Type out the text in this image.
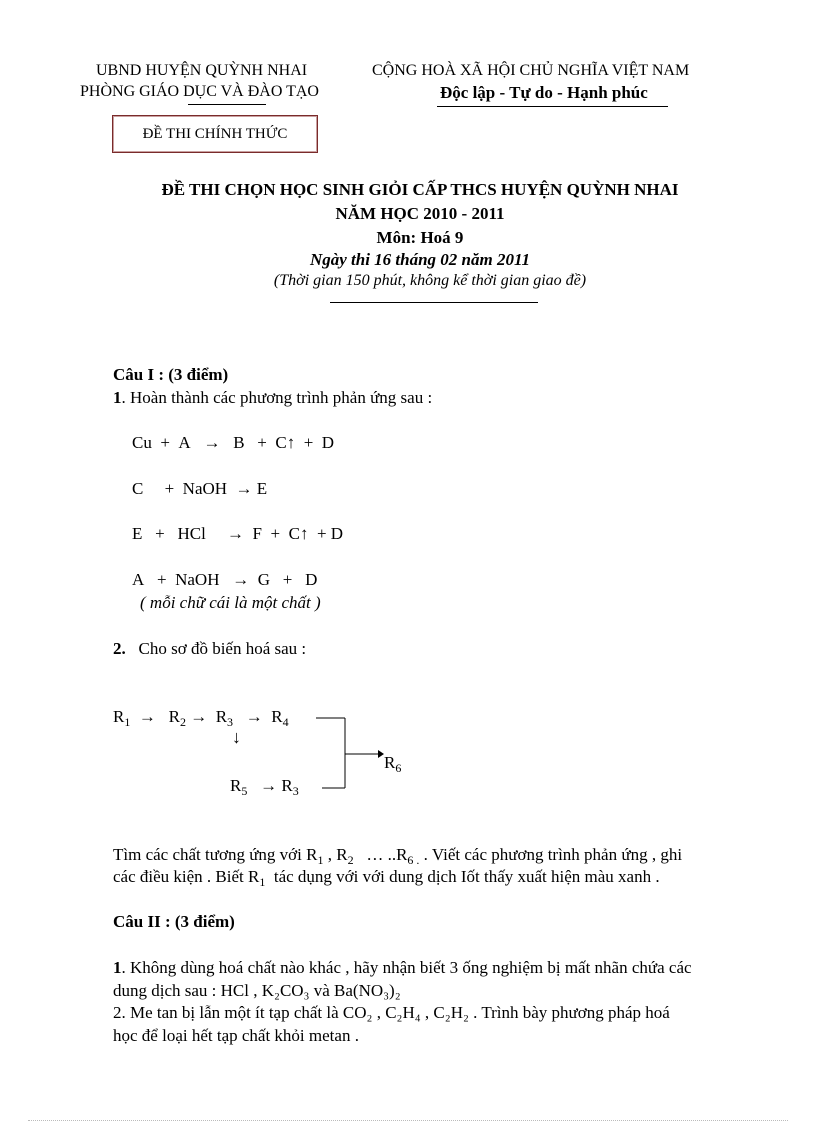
UBND HUYỆN QUỲNH NHAI
PHÒNG GIÁO DỤC VÀ ĐÀO TẠO
CỘNG HOÀ XÃ HỘI CHỦ NGHĨA VIỆT NAM
Độc lập - Tự do - Hạnh phúc
ĐỀ THI CHÍNH THỨC
ĐỀ THI CHỌN HỌC SINH GIỎI CẤP THCS HUYỆN QUỲNH NHAI
NĂM HỌC 2010 - 2011
Môn: Hoá 9
Ngày thi 16 tháng 02 năm 2011
(Thời gian 150 phút, không kể thời gian giao đề)
Câu I : (3 điểm)
1. Hoàn thành các phương trình phản ứng sau :
Cu  +  A   →   B   +  C↑  +  D
C     +  NaOH  → E
E   +   HCl     →  F  +  C↑  + D
A   +  NaOH   →  G   +   D
( mỗi chữ cái là một chất )
2. Cho sơ đồ biến hoá sau :
$R_1 \to R_2 \to R_3 \to R_4$
↓
$R_5 \to R_3$
$R_6$
Tìm các chất tương ứng với $R_1$ , $R_2$ … $..R_{6 .}$ . Viết các phương trình phản ứng , ghi
các điều kiện . Biết $R_1$ tác dụng với với dung dịch Iốt thấy xuất hiện màu xanh .
Câu II : (3 điểm)
1. Không dùng hoá chất nào khác , hãy nhận biết 3 ống nghiệm bị mất nhãn chứa các
dung dịch sau : HCl , K₂CO₃ và Ba(NO₃)₂
2. Me tan bị lẫn một ít tạp chất là CO₂ , C₂H₄ , C₂H₂ . Trình bày phương pháp hoá
học để loại hết tạp chất khỏi metan .
